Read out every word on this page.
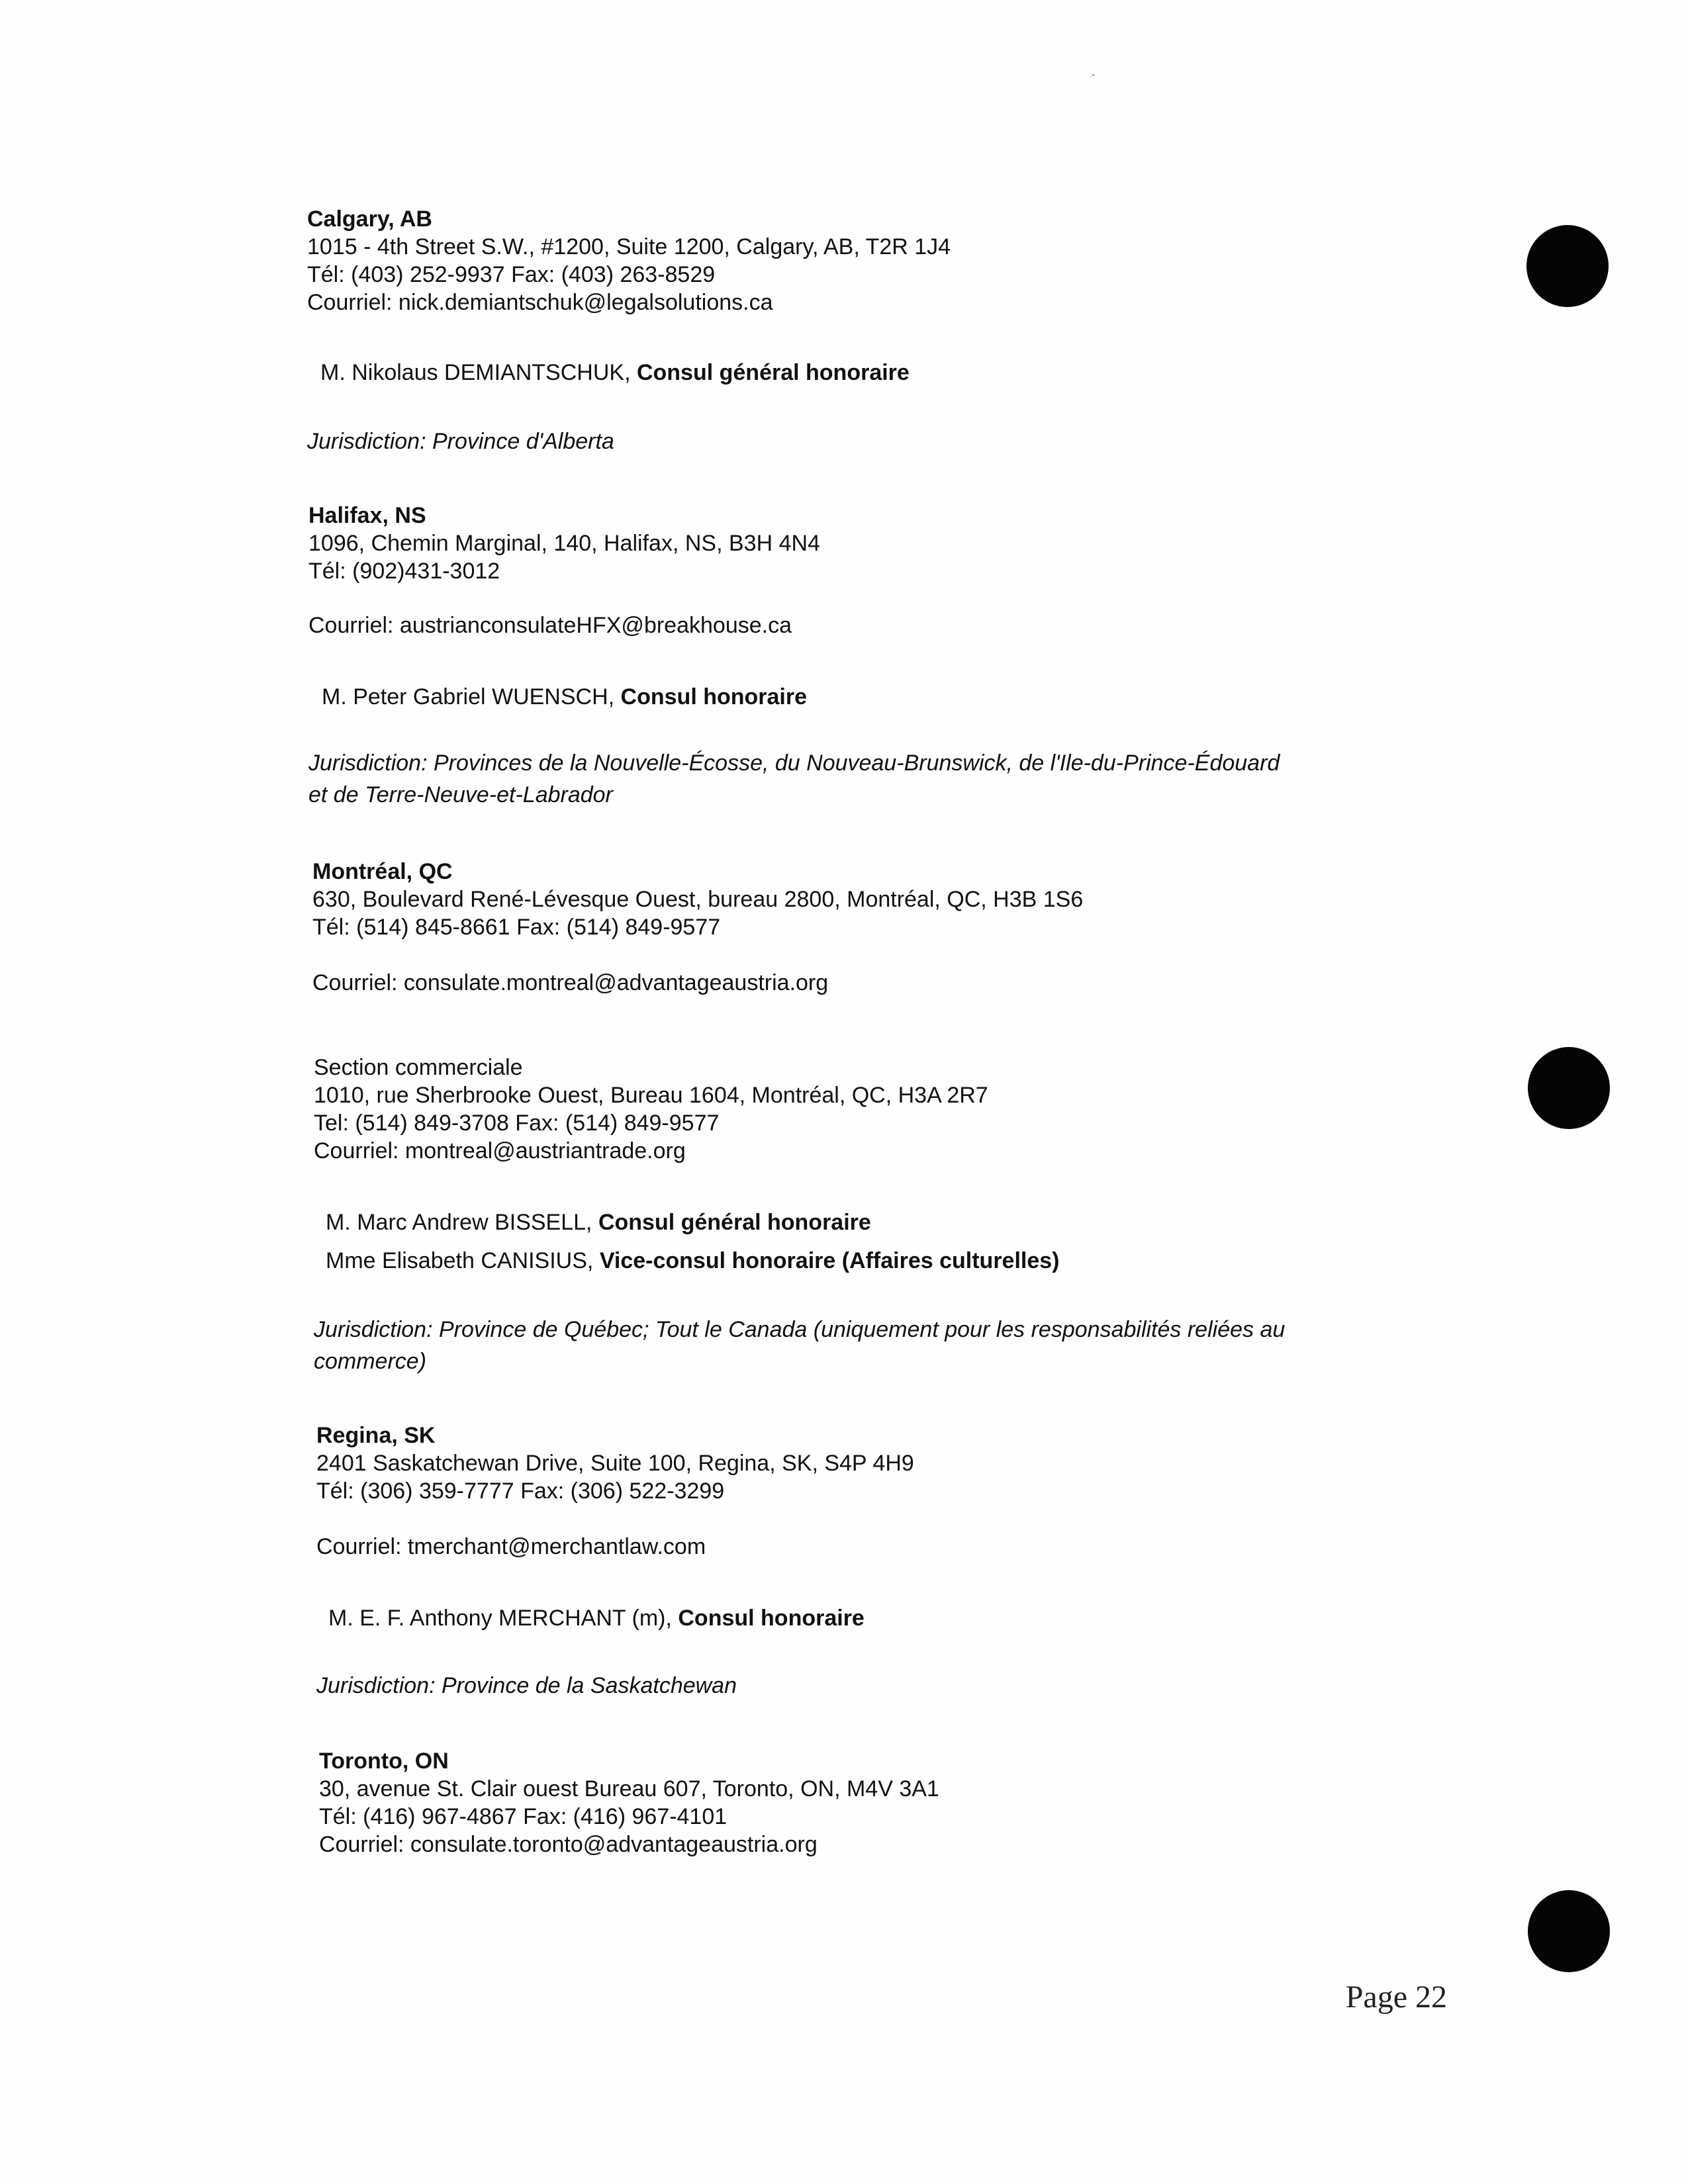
Calgary, AB
1015 - 4th Street S.W., #1200, Suite 1200, Calgary, AB, T2R 1J4
Tél: (403) 252-9937 Fax: (403) 263-8529
Courriel: nick.demiantschuk@legalsolutions.ca
M. Nikolaus DEMIANTSCHUK, Consul général honoraire
Jurisdiction: Province d'Alberta
Halifax, NS
1096, Chemin Marginal, 140, Halifax, NS, B3H 4N4
Tél: (902)431-3012
Courriel: austrianconsulateHFX@breakhouse.ca
M. Peter Gabriel WUENSCH, Consul honoraire
Jurisdiction: Provinces de la Nouvelle-Écosse, du Nouveau-Brunswick, de l'Ile-du-Prince-Édouard
et de Terre-Neuve-et-Labrador
Montréal, QC
630, Boulevard René-Lévesque Ouest, bureau 2800, Montréal, QC, H3B 1S6
Tél: (514) 845-8661 Fax: (514) 849-9577
Courriel: consulate.montreal@advantageaustria.org
Section commerciale
1010, rue Sherbrooke Ouest, Bureau 1604, Montréal, QC, H3A 2R7
Tel: (514) 849-3708 Fax: (514) 849-9577
Courriel: montreal@austriantrade.org
M. Marc Andrew BISSELL, Consul général honoraire
Mme Elisabeth CANISIUS, Vice-consul honoraire (Affaires culturelles)
Jurisdiction: Province de Québec; Tout le Canada (uniquement pour les responsabilités reliées au
commerce)
Regina, SK
2401 Saskatchewan Drive, Suite 100, Regina, SK, S4P 4H9
Tél: (306) 359-7777 Fax: (306) 522-3299
Courriel: tmerchant@merchantlaw.com
M. E. F. Anthony MERCHANT (m), Consul honoraire
Jurisdiction: Province de la Saskatchewan
Toronto, ON
30, avenue St. Clair ouest Bureau 607, Toronto, ON, M4V 3A1
Tél: (416) 967-4867 Fax: (416) 967-4101
Courriel: consulate.toronto@advantageaustria.org
Page 22
